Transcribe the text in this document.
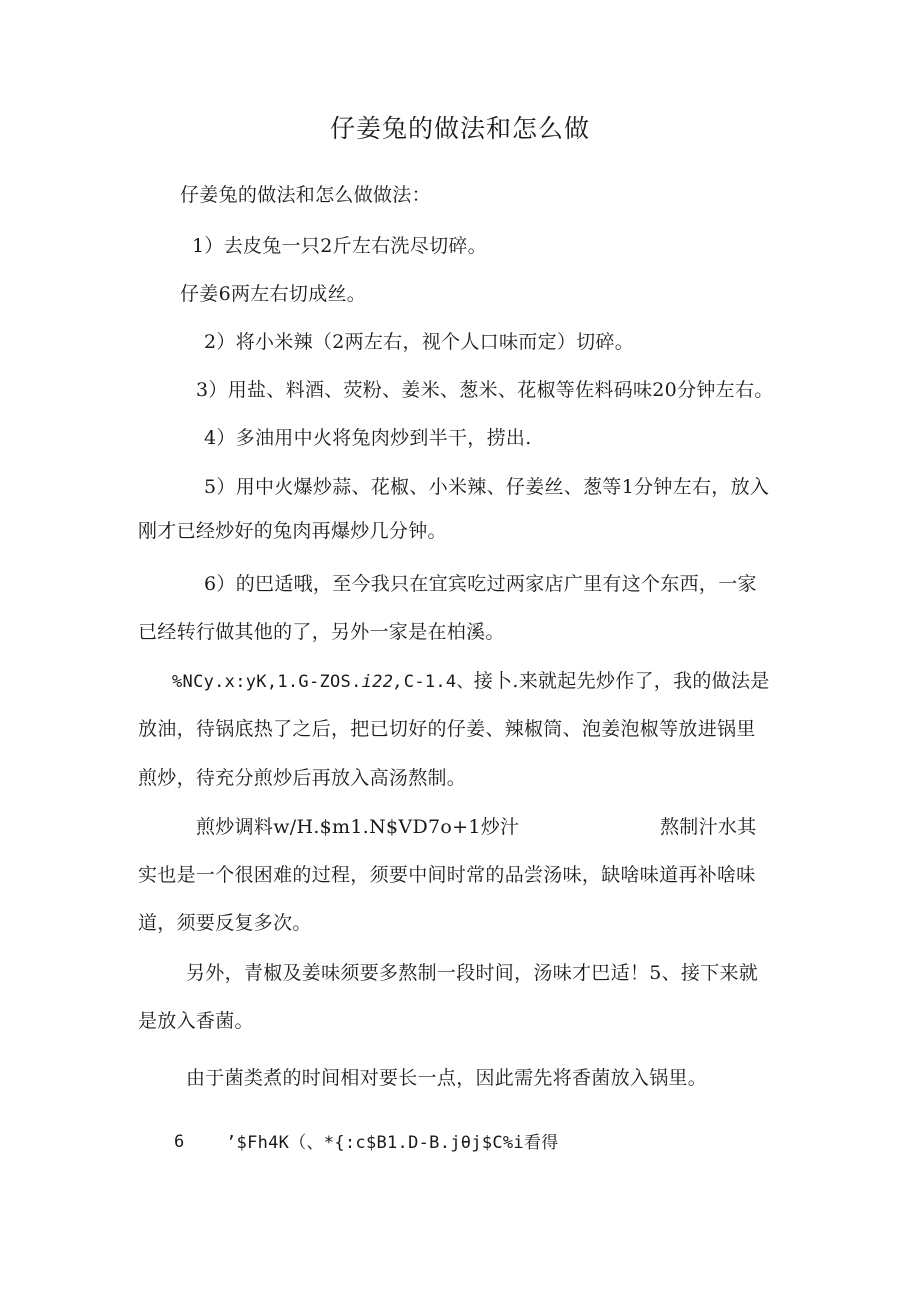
仔姜兔的做法和怎么做
仔姜兔的做法和怎么做做法：
1）去皮兔一只2斤左右洗尽切碎。
仔姜6两左右切成丝。
2）将小米辣（2两左右，视个人口味而定）切碎。
3）用盐、料酒、荧粉、姜米、葱米、花椒等佐料码味20分钟左右。
4）多油用中火将兔肉炒到半干，捞出.
5）用中火爆炒蒜、花椒、小米辣、仔姜丝、葱等1分钟左右，放入
刚才已经炒好的兔肉再爆炒几分钟。
6）的巴适哦，至今我只在宜宾吃过两家店广里有这个东西，一家
已经转行做其他的了，另外一家是在柏溪。
%NCy.x:yK,1.G-ZOS.i22,C-1.4、接卜.来就起先炒作了，我的做法是
放油，待锅底热了之后，把已切好的仔姜、辣椒筒、泡姜泡椒等放进锅里
煎炒，待充分煎炒后再放入高汤熬制。
煎炒调料w/H.$m1.N$VD7o+1炒汁	熬制汁水其
实也是一个很困难的过程，须要中间时常的品尝汤味，缺啥味道再补啥味
道，须要反复多次。
另外，青椒及姜味须要多熬制一段时间，汤味才巴适！5、接下来就
是放入香菌。
由于菌类煮的时间相对要长一点，因此需先将香菌放入锅里。
6 ’$Fh4K（、*{:c$B1.D-B.jθj$C%i看得
